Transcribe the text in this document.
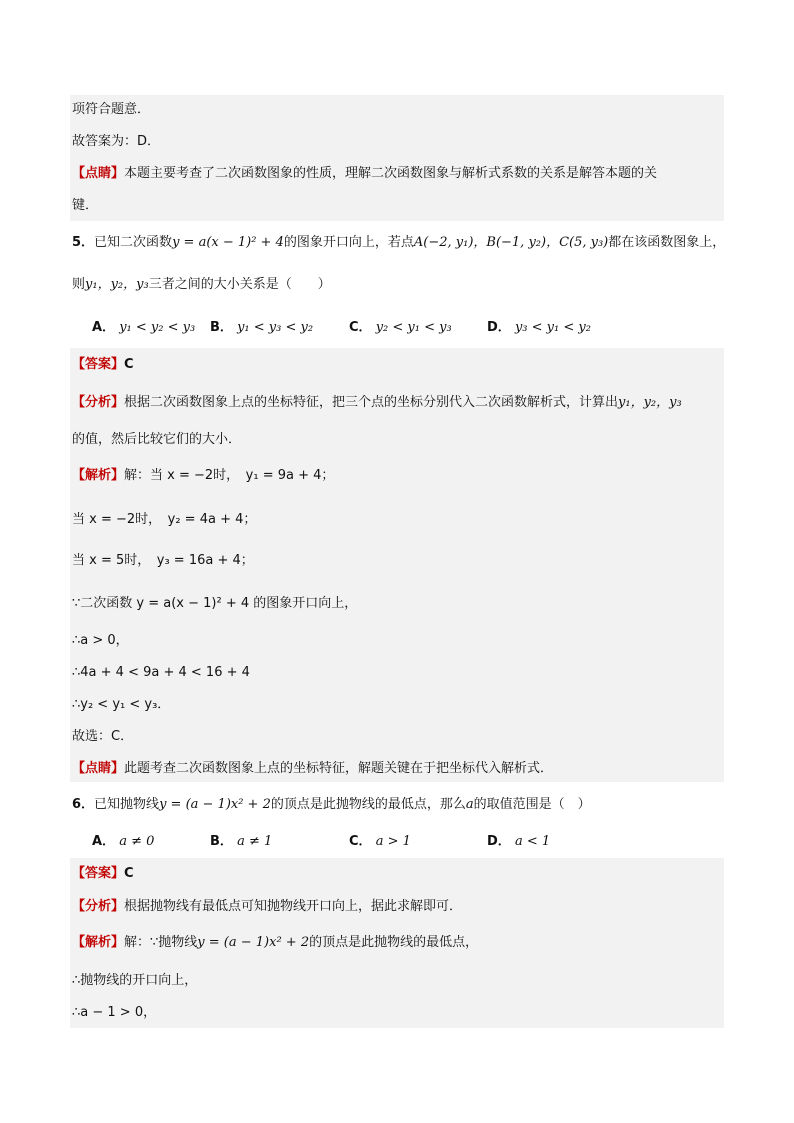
项符合题意．
故答案为：D．
【点睛】本题主要考查了二次函数图象的性质，理解二次函数图象与解析式系数的关系是解答本题的关
键．
5．已知二次函数y = a(x − 1)² + 4的图象开口向上，若点A(−2, y₁)，B(−1, y₂)，C(5, y₃)都在该函数图象上，
则y₁，y₂，y₃三者之间的大小关系是（　　）
A． y₁ < y₂ < y₃ B． y₁ < y₃ < y₂	C． y₂ < y₁ < y₃	D． y₃ < y₁ < y₂
【答案】C
【分析】根据二次函数图象上点的坐标特征，把三个点的坐标分别代入二次函数解析式，计算出y₁，y₂，y₃
的值，然后比较它们的大小．
【解析】解：当 x = −2时，　y₁ = 9a + 4；
当 x = −2时，　y₂ = 4a + 4；
当 x = 5时，　y₃ = 16a + 4；
∵二次函数 y = a(x − 1)² + 4 的图象开口向上，
∴a > 0，
∴4a + 4 < 9a + 4 < 16 + 4
∴y₂ < y₁ < y₃．
故选：C．
【点睛】此题考查二次函数图象上点的坐标特征，解题关键在于把坐标代入解析式．
6．已知抛物线y = (a − 1)x² + 2的顶点是此抛物线的最低点，那么a的取值范围是（　）
A． a ≠ 0	B． a ≠ 1	C． a > 1	D． a < 1
【答案】C
【分析】根据抛物线有最低点可知抛物线开口向上，据此求解即可．
【解析】解：∵抛物线y = (a − 1)x² + 2的顶点是此抛物线的最低点，
∴抛物线的开口向上，
∴a − 1 > 0，
